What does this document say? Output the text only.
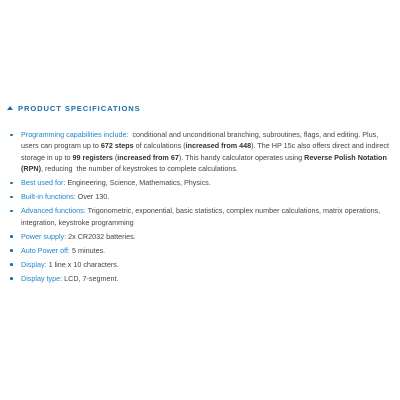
PRODUCT SPECIFICATIONS
Programming capabilities include:  conditional and unconditional branching, subroutines, flags, and editing. Plus, users can program up to 672 steps of calculations (increased from 448). The HP 15c also offers direct and indirect storage in up to 99 registers (increased from 67). This handy calculator operates using Reverse Polish Notation (RPN), reducing  the number of keystrokes to complete calculations.
Best used for: Engineering, Science, Mathematics, Physics.
Built-in functions: Over 130.
Advanced functions: Trigonometric, exponential, basic statistics, complex number calculations, matrix operations, integration, keystroke programming
Power supply: 2x CR2032 batteries.
Auto Power off: 5 minutes.
Display: 1 line x 10 characters.
Display type: LCD, 7-segment.
